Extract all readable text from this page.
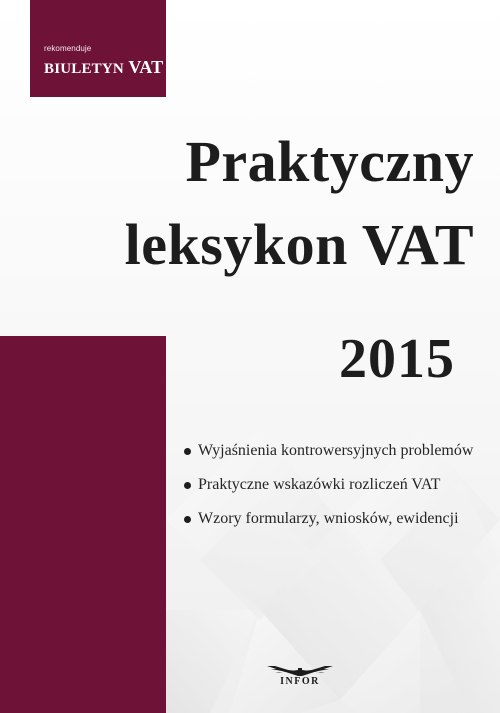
rekomenduje
BIULETYN VAT
Praktyczny
leksykon VAT
2015
Wyjaśnienia kontrowersyjnych problemów
Praktyczne wskazówki rozliczeń VAT
Wzory formularzy, wniosków, ewidencji
INFOR
